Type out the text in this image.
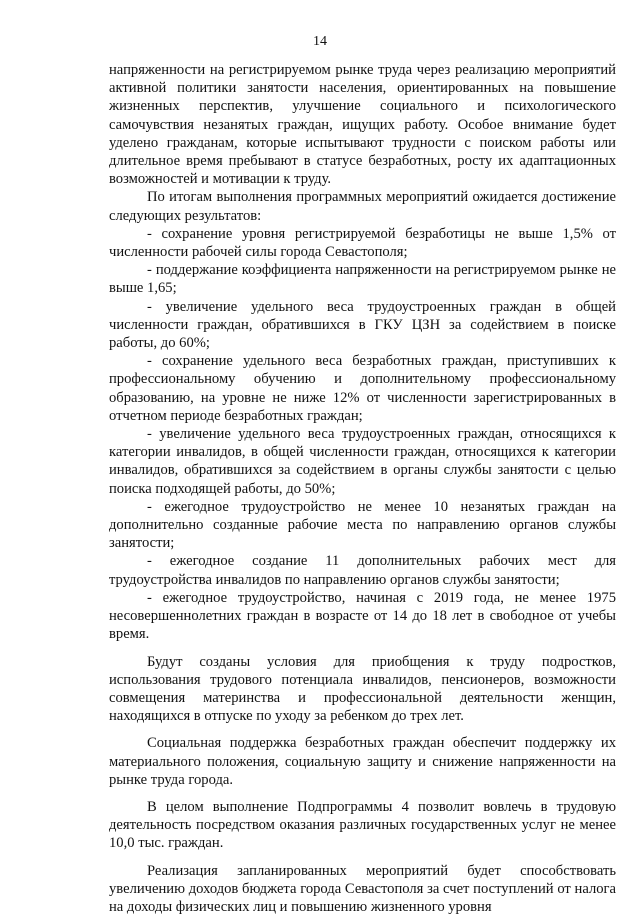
14

напряженности на регистрируемом рынке труда через реализацию мероприятий активной политики занятости населения, ориентированных на повышение жизненных перспектив, улучшение социального и психологического самочувствия незанятых граждан, ищущих работу. Особое внимание будет уделено гражданам, которые испытывают трудности с поиском работы или длительное время пребывают в статусе безработных, росту их адаптационных возможностей и мотивации к труду.

По итогам выполнения программных мероприятий ожидается достижение следующих результатов:

- сохранение уровня регистрируемой безработицы не выше 1,5% от численности рабочей силы города Севастополя;

- поддержание коэффициента напряженности на регистрируемом рынке не выше 1,65;

- увеличение удельного веса трудоустроенных граждан в общей численности граждан, обратившихся в ГКУ ЦЗН за содействием в поиске работы, до 60%;

- сохранение удельного веса безработных граждан, приступивших к профессиональному обучению и дополнительному профессиональному образованию, на уровне не ниже 12% от численности зарегистрированных в отчетном периоде безработных граждан;

- увеличение удельного веса трудоустроенных граждан, относящихся к категории инвалидов, в общей численности граждан, относящихся к категории инвалидов, обратившихся за содействием в органы службы занятости с целью поиска подходящей работы, до 50%;

- ежегодное трудоустройство не менее 10 незанятых граждан на дополнительно созданные рабочие места по направлению органов службы занятости;

- ежегодное создание 11 дополнительных рабочих мест для трудоустройства инвалидов по направлению органов службы занятости;

- ежегодное трудоустройство, начиная с 2019 года, не менее 1975 несовершеннолетних граждан в возрасте от 14 до 18 лет в свободное от учебы время.

Будут созданы условия для приобщения к труду подростков, использования трудового потенциала инвалидов, пенсионеров, возможности совмещения материнства и профессиональной деятельности женщин, находящихся в отпуске по уходу за ребенком до трех лет.

Социальная поддержка безработных граждан обеспечит поддержку их материального положения, социальную защиту и снижение напряженности на рынке труда города.

В целом выполнение Подпрограммы 4 позволит вовлечь в трудовую деятельность посредством оказания различных государственных услуг не менее 10,0 тыс. граждан.

Реализация запланированных мероприятий будет способствовать увеличению доходов бюджета города Севастополя за счет поступлений от налога на доходы физических лиц и повышению жизненного уровня
